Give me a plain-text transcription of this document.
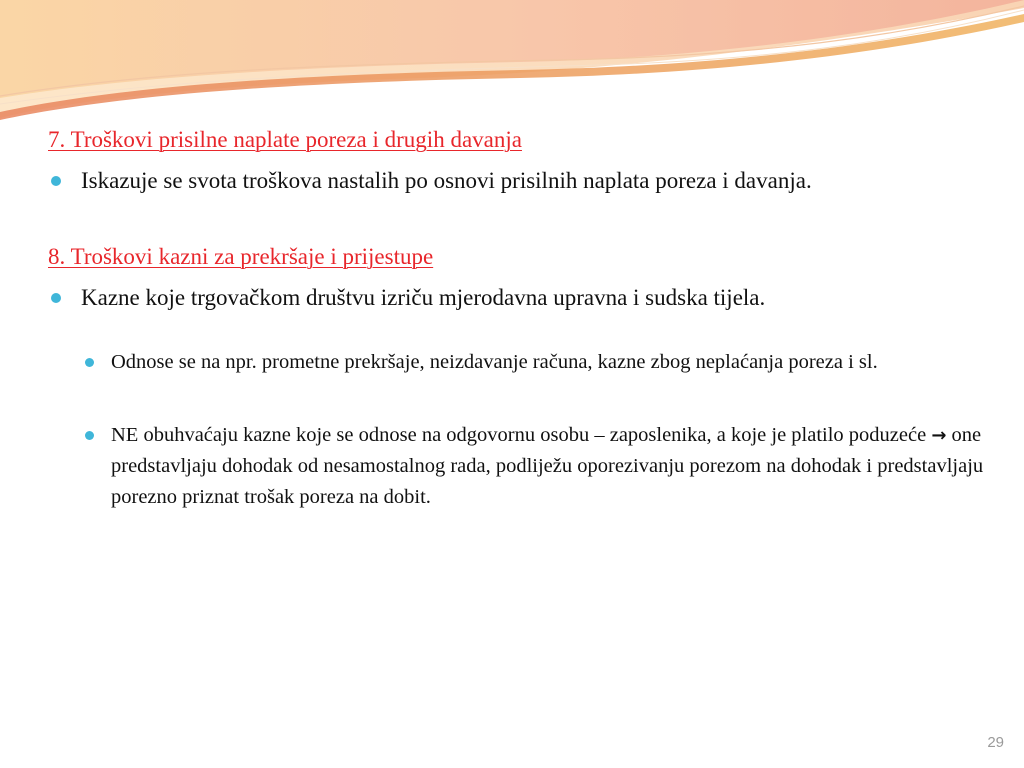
7. Troškovi prisilne naplate poreza i drugih davanja

Iskazuje se svota troškova nastalih po osnovi prisilnih naplata poreza i davanja.

8. Troškovi kazni za prekršaje i prijestupe

Kazne koje trgovačkom društvu izriču mjerodavna upravna i sudska tijela.

Odnose se na npr. prometne prekršaje, neizdavanje računa, kazne zbog neplaćanja poreza i sl.

NE obuhvaćaju kazne koje se odnose na odgovornu osobu – zaposlenika, a koje je platilo poduzeće → one predstavljaju dohodak od nesamostalnog rada, podliježu oporezivanju porezom na dohodak i predstavljaju porezno priznat trošak poreza na dobit.

29
